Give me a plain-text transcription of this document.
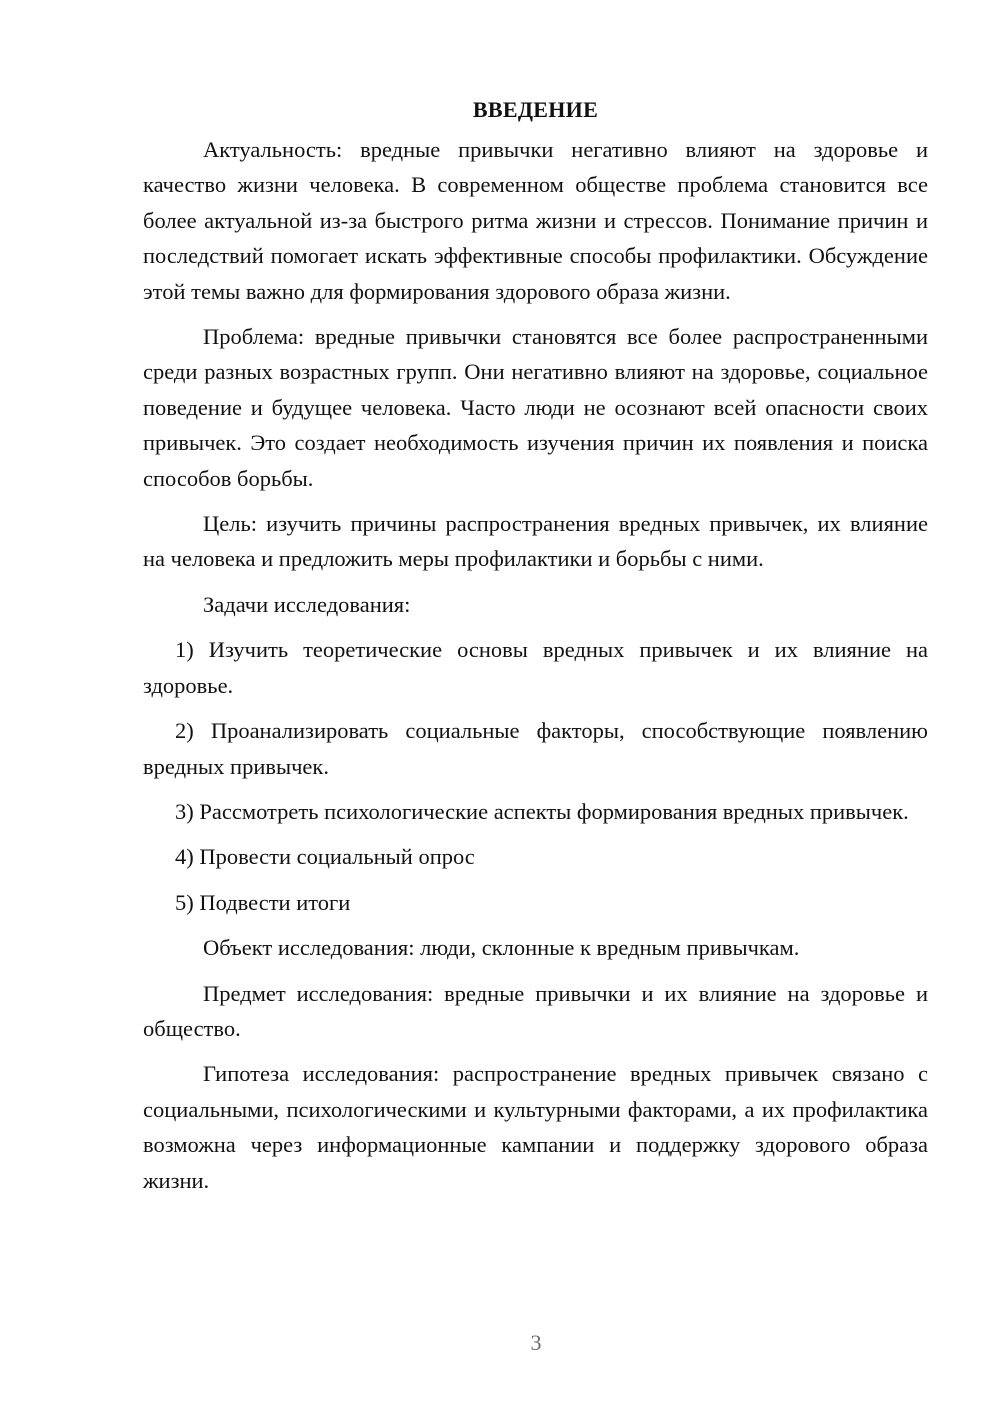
ВВЕДЕНИЕ

Актуальность: вредные привычки негативно влияют на здоровье и качество жизни человека. В современном обществе проблема становится все более актуальной из-за быстрого ритма жизни и стрессов. Понимание причин и последствий помогает искать эффективные способы профилактики. Обсуждение этой темы важно для формирования здорового образа жизни.

Проблема: вредные привычки становятся все более распространенными среди разных возрастных групп. Они негативно влияют на здоровье, социальное поведение и будущее человека. Часто люди не осознают всей опасности своих привычек. Это создает необходимость изучения причин их появления и поиска способов борьбы.

Цель: изучить причины распространения вредных привычек, их влияние на человека и предложить меры профилактики и борьбы с ними.

Задачи исследования:

1) Изучить теоретические основы вредных привычек и их влияние на здоровье.

2) Проанализировать социальные факторы, способствующие появлению вредных привычек.

3) Рассмотреть психологические аспекты формирования вредных привычек.

4) Провести социальный опрос

5) Подвести итоги

Объект исследования: люди, склонные к вредным привычкам.

Предмет исследования: вредные привычки и их влияние на здоровье и общество.

Гипотеза исследования: распространение вредных привычек связано с социальными, психологическими и культурными факторами, а их профилактика возможна через информационные кампании и поддержку здорового образа жизни.

3
